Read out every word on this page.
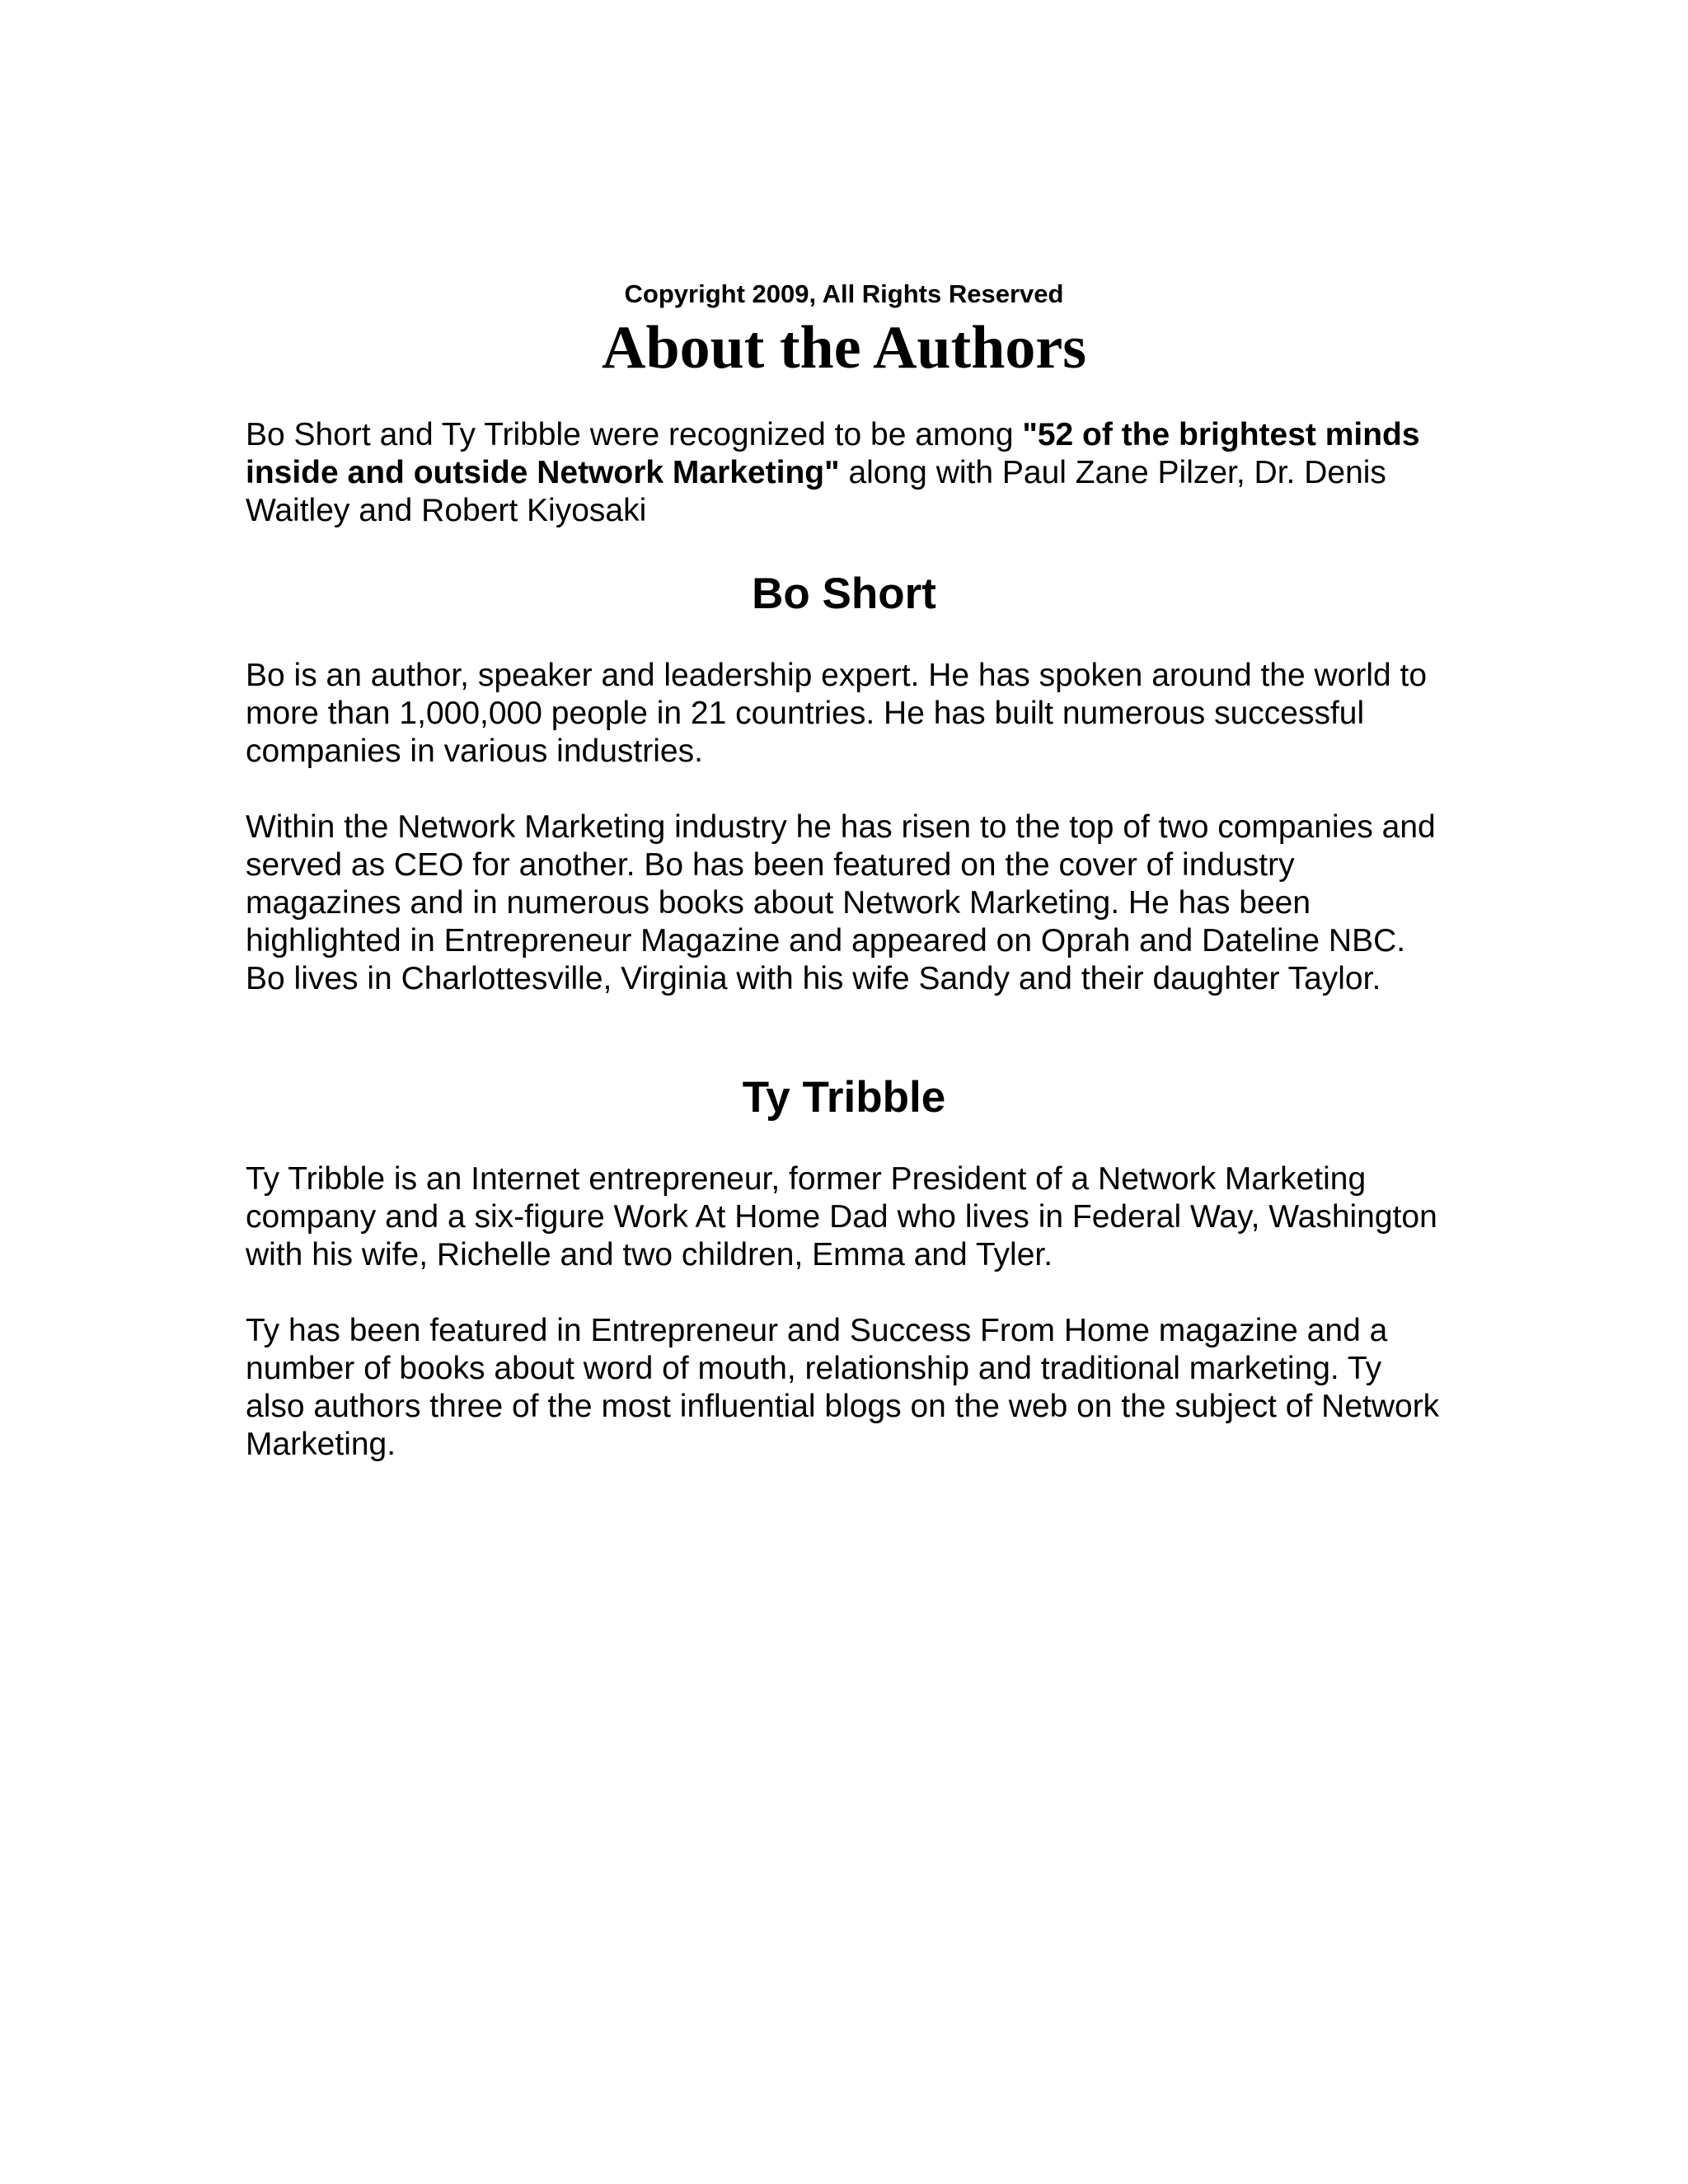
Copyright 2009, All Rights Reserved

About the Authors

Bo Short and Ty Tribble were recognized to be among "52 of the brightest minds inside and outside Network Marketing" along with Paul Zane Pilzer, Dr. Denis Waitley and Robert Kiyosaki

Bo Short

Bo is an author, speaker and leadership expert. He has spoken around the world to more than 1,000,000 people in 21 countries. He has built numerous successful companies in various industries.

Within the Network Marketing industry he has risen to the top of two companies and served as CEO for another. Bo has been featured on the cover of industry magazines and in numerous books about Network Marketing. He has been highlighted in Entrepreneur Magazine and appeared on Oprah and Dateline NBC. Bo lives in Charlottesville, Virginia with his wife Sandy and their daughter Taylor.

Ty Tribble

Ty Tribble is an Internet entrepreneur, former President of a Network Marketing company and a six-figure Work At Home Dad who lives in Federal Way, Washington with his wife, Richelle and two children, Emma and Tyler.

Ty has been featured in Entrepreneur and Success From Home magazine and a number of books about word of mouth, relationship and traditional marketing. Ty also authors three of the most influential blogs on the web on the subject of Network Marketing.
